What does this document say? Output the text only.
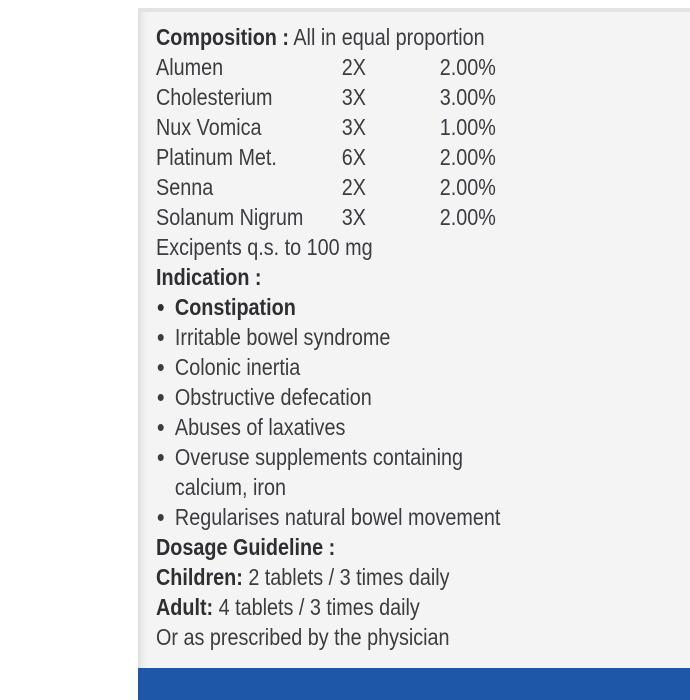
Composition : All in equal proportion
Alumen	2X	2.00%
Cholesterium	3X	3.00%
Nux Vomica	3X	1.00%
Platinum Met.	6X	2.00%
Senna	2X	2.00%
Solanum Nigrum 3X	2.00%
Excipents q.s. to 100 mg
Indication :
Constipation
Irritable bowel syndrome
Colonic inertia
Obstructive defecation
Abuses of laxatives
Overuse supplements containing
calcium, iron
Regularises natural bowel movement
Dosage Guideline :
Children: 2 tablets / 3 times daily
Adult: 4 tablets / 3 times daily
Or as prescribed by the physician
